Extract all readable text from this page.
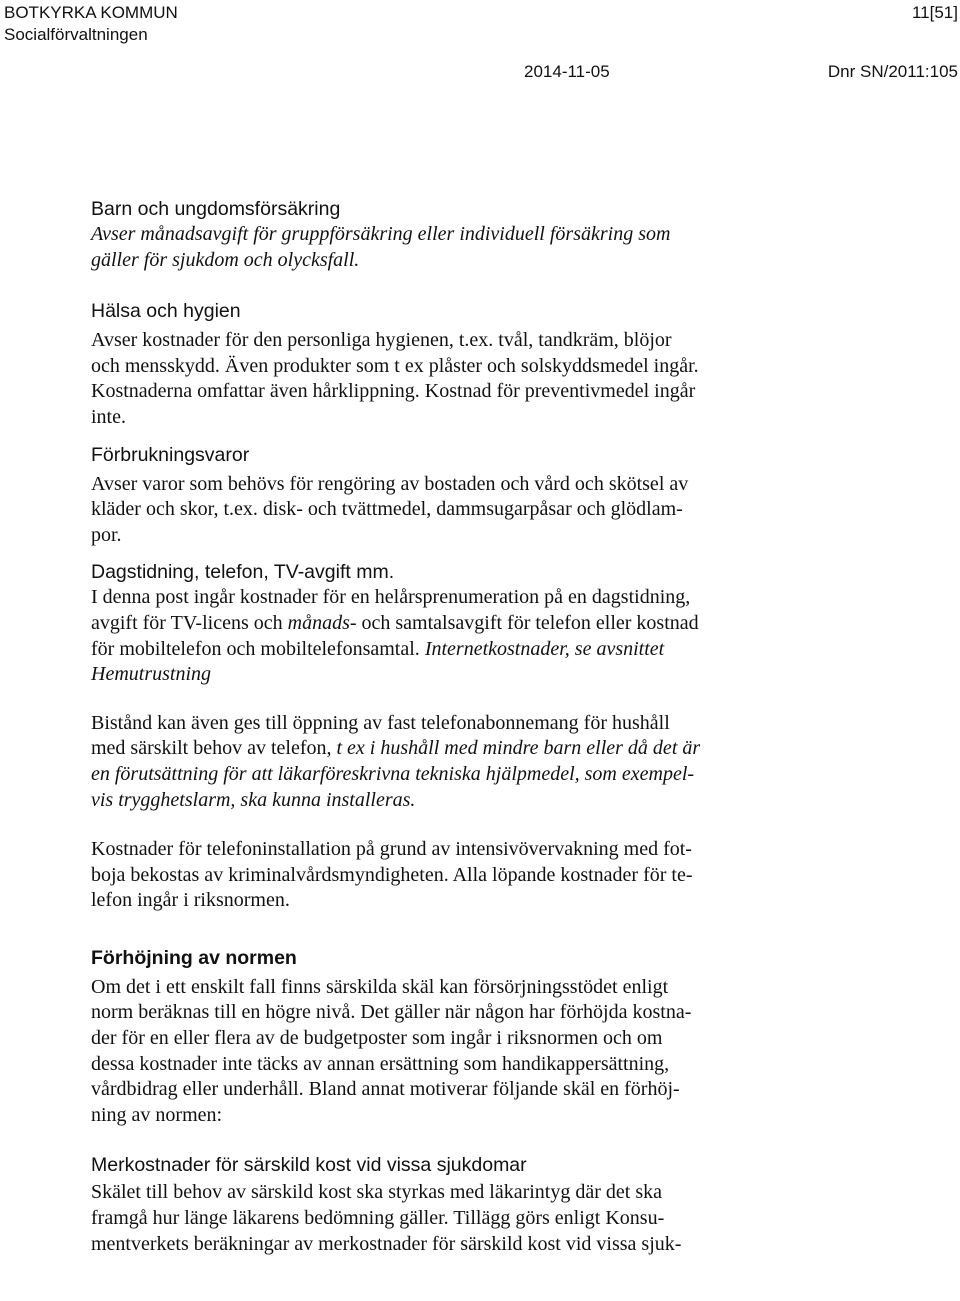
BOTKYRKA KOMMUN
Socialförvaltningen
11[51]
2014-11-05	Dnr SN/2011:105

Barn och ungdomsförsäkring

Avser månadsavgift för gruppförsäkring eller individuell försäkring som

gäller för sjukdom och olycksfall.

Hälsa och hygien

Avser kostnader för den personliga hygienen, t.ex. tvål, tandkräm, blöjor

och mensskydd. Även produkter som t ex plåster och solskyddsmedel ingår.

Kostnaderna omfattar även hårklippning. Kostnad för preventivmedel ingår

inte.

Förbrukningsvaror

Avser varor som behövs för rengöring av bostaden och vård och skötsel av

kläder och skor, t.ex. disk- och tvättmedel, dammsugarpåsar och glödlam-

por.

Dagstidning, telefon, TV-avgift mm.

I denna post ingår kostnader för en helårsprenumeration på en dagstidning,

avgift för TV-licens och månads- och samtalsavgift för telefon eller kostnad

för mobiltelefon och mobiltelefonsamtal. Internetkostnader, se avsnittet

Hemutrustning

Bistånd kan även ges till öppning av fast telefonabonnemang för hushåll

med särskilt behov av telefon, t ex i hushåll med mindre barn eller då det är

en förutsättning för att läkarföreskrivna tekniska hjälpmedel, som exempel-

vis trygghetslarm, ska kunna installeras.

Kostnader för telefoninstallation på grund av intensivövervakning med fot-

boja bekostas av kriminalvårdsmyndigheten. Alla löpande kostnader för te-

lefon ingår i riksnormen.

Förhöjning av normen

Om det i ett enskilt fall finns särskilda skäl kan försörjningsstödet enligt

norm beräknas till en högre nivå. Det gäller när någon har förhöjda kostna-

der för en eller flera av de budgetposter som ingår i riksnormen och om

dessa kostnader inte täcks av annan ersättning som handikappersättning,

vårdbidrag eller underhåll. Bland annat motiverar följande skäl en förhöj-

ning av normen:

Merkostnader för särskild kost vid vissa sjukdomar

Skälet till behov av särskild kost ska styrkas med läkarintyg där det ska

framgå hur länge läkarens bedömning gäller. Tillägg görs enligt Konsu-

mentverkets beräkningar av merkostnader för särskild kost vid vissa sjuk-
